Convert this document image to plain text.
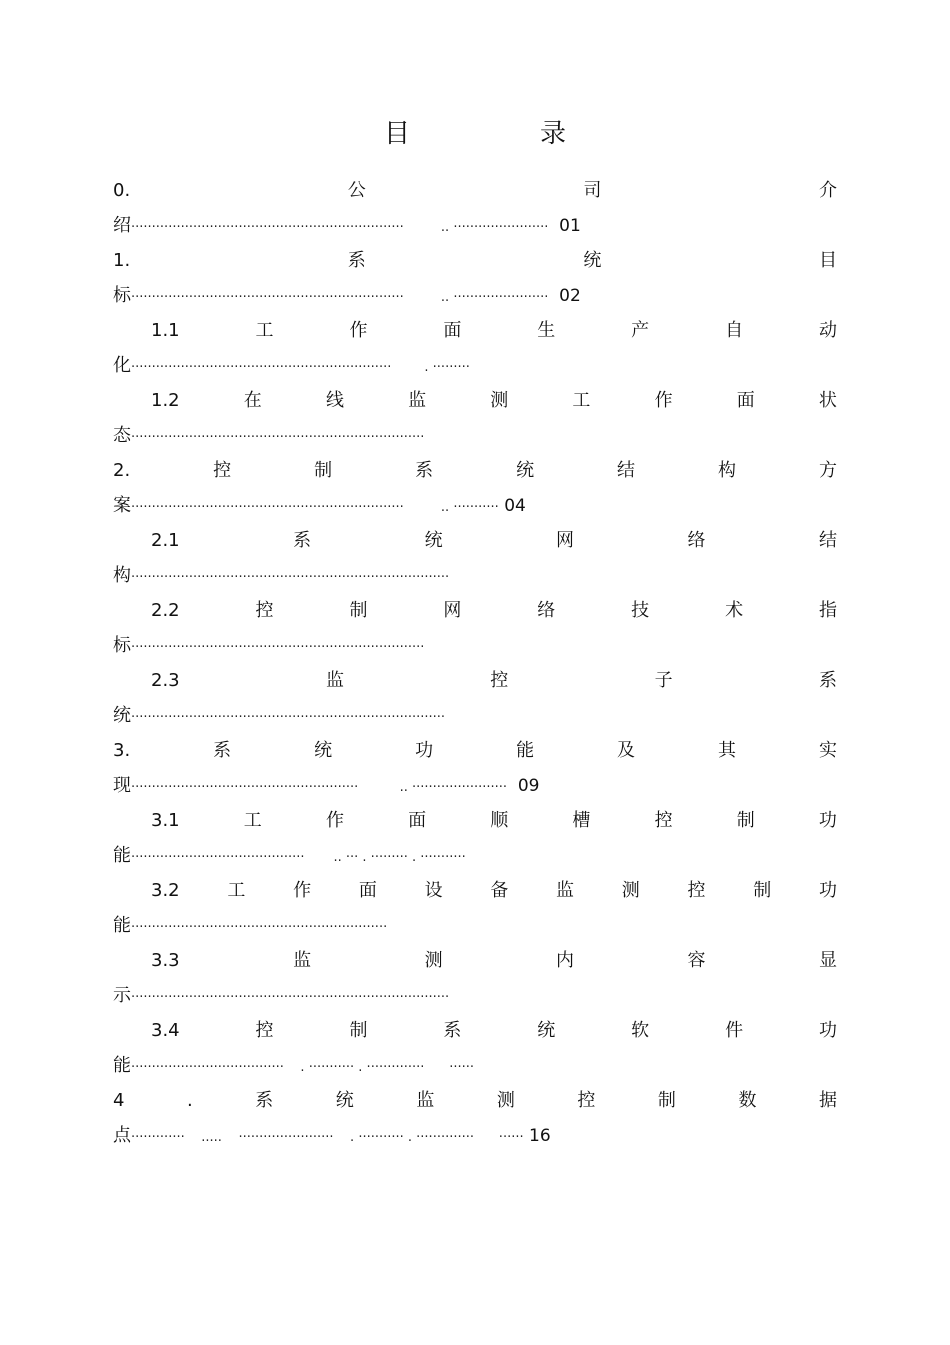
目　录
0.	公	司	介
绍··································································         .. ·······················  01
1.	系	统	目
标··································································         .. ·······················  02
1.1	工	作	面	生	产	自	动
化·······························································        . ·········
1.2	在	线	监	测	工	作	面	状
态·······································································
2.	控	制	系	统	结	构	方
案··································································         .. ··········· 04
2.1	系	统	网	络	结
构·············································································
2.2	控	制	网	络	技	术	指
标·······································································
2.3	监	控	子	系
统············································································
3.	系	统	功	能	及	其	实
现·······················································          .. ·······················  09
3.1	工	作	面	顺	槽	控	制	功
能··········································       .. ··· . ········· . ···········
3.2	工	作	面	设	备	监	测	控	制	功
能······························································
3.3	监	测	内	容	显
示·············································································
3.4	控	制	系	统	软	件	功
能·····································    . ··········· . ··············      ······
4	.	系	统	监	测	控	制	数	据
点·············    .....    ·······················    . ··········· . ··············      ······ 16
